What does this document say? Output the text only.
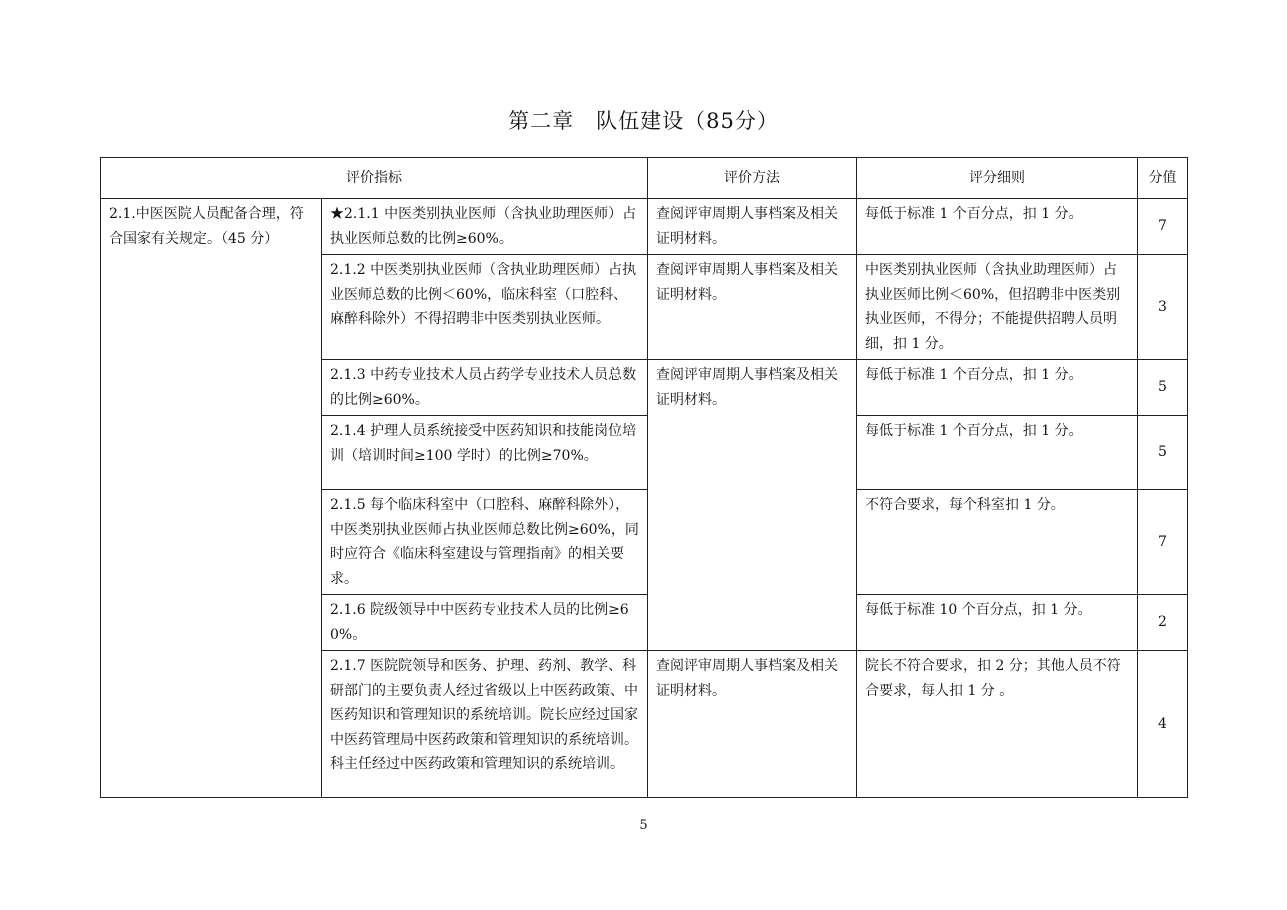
第二章　队伍建设（85分）
评价指标		评价方法	评分细则	分值
2.1.中医医院人员配备合理，符合国家有关规定。（45 分）	★2.1.1 中医类别执业医师（含执业助理医师）占执业医师总数的比例≥60%。	查阅评审周期人事档案及相关证明材料。	每低于标准 1 个百分点，扣 1 分。	7
	2.1.2 中医类别执业医师（含执业助理医师）占执业医师总数的比例＜60%，临床科室（口腔科、麻醉科除外）不得招聘非中医类别执业医师。	查阅评审周期人事档案及相关证明材料。	中医类别执业医师（含执业助理医师）占执业医师比例＜60%，但招聘非中医类别执业医师，不得分；不能提供招聘人员明细，扣 1 分。	3
	2.1.3 中药专业技术人员占药学专业技术人员总数的比例≥60%。	查阅评审周期人事档案及相关证明材料。	每低于标准 1 个百分点，扣 1 分。	5
	2.1.4 护理人员系统接受中医药知识和技能岗位培训（培训时间≥100 学时）的比例≥70%。		每低于标准 1 个百分点，扣 1 分。	5
	2.1.5 每个临床科室中（口腔科、麻醉科除外），中医类别执业医师占执业医师总数比例≥60%，同时应符合《临床科室建设与管理指南》的相关要求。		不符合要求，每个科室扣 1 分。	7
	2.1.6 院级领导中中医药专业技术人员的比例≥60%。		每低于标准 10 个百分点，扣 1 分。	2
	2.1.7 医院院领导和医务、护理、药剂、教学、科研部门的主要负责人经过省级以上中医药政策、中医药知识和管理知识的系统培训。院长应经过国家中医药管理局中医药政策和管理知识的系统培训。科主任经过中医药政策和管理知识的系统培训。	查阅评审周期人事档案及相关证明材料。	院长不符合要求，扣 2 分；其他人员不符合要求，每人扣 1 分 。	4
5
